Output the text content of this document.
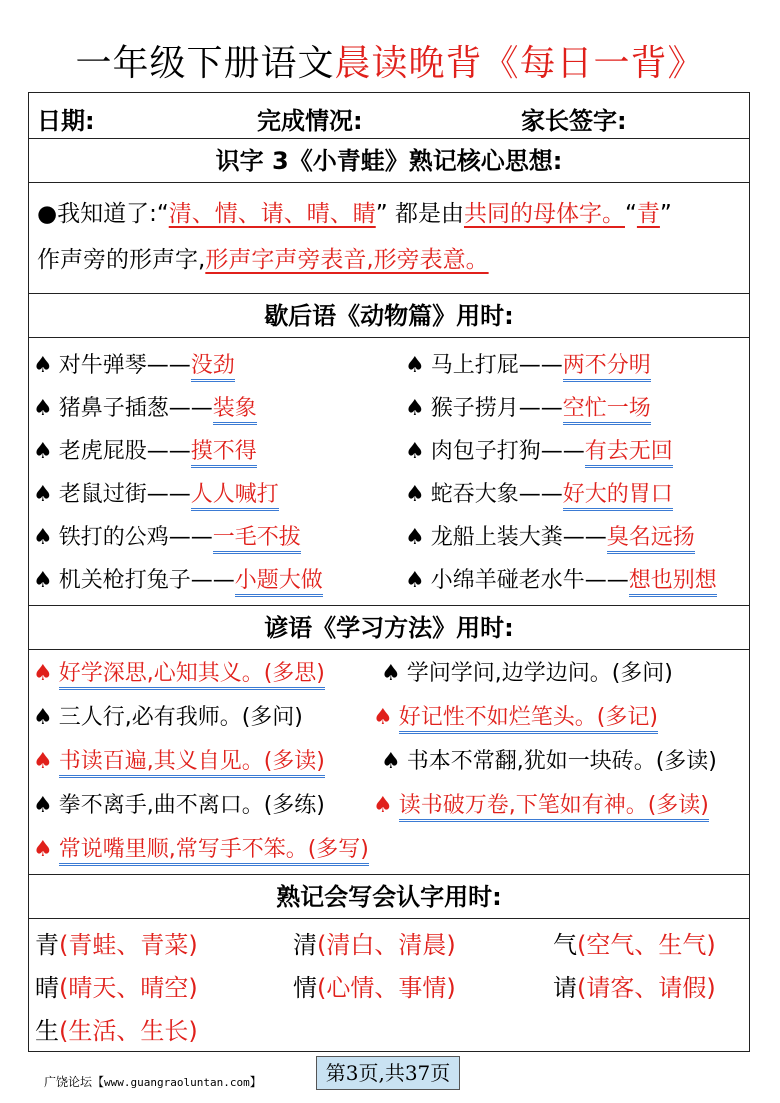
一年级下册语文晨读晚背《每日一背》
日期:	完成情况:	家长签字:
识字 3《小青蛙》熟记核心思想:
●我知道了:“清、情、请、晴、睛” 都是由共同的母体字。“青”
作声旁的形声字,形声字声旁表音,形旁表意。
歇后语《动物篇》用时:
♠ 对牛弹琴——没劲	♠ 马上打屁——两不分明
♠ 猪鼻子插葱——装象	♠ 猴子捞月——空忙一场
♠ 老虎屁股——摸不得	♠ 肉包子打狗——有去无回
♠ 老鼠过街——人人喊打	♠ 蛇吞大象——好大的胃口
♠ 铁打的公鸡——一毛不拔	♠ 龙船上装大粪——臭名远扬
♠ 机关枪打兔子——小题大做	♠ 小绵羊碰老水牛——想也别想
谚语《学习方法》用时:
♠ 好学深思,心知其义。(多思)	♠ 学问学问,边学边问。(多问)
♠ 三人行,必有我师。(多问)	♠ 好记性不如烂笔头。(多记)
♠ 书读百遍,其义自见。(多读)	♠ 书本不常翻,犹如一块砖。(多读)
♠ 拳不离手,曲不离口。(多练) ♠ 读书破万卷,下笔如有神。(多读)
♠ 常说嘴里顺,常写手不笨。(多写)
熟记会写会认字用时:
青(青蛙、青菜)	清(清白、清晨)	气(空气、生气)
晴(晴天、晴空)	情(心情、事情)	请(请客、请假)
生(生活、生长)
广饶论坛【www.guangraoluntan.com】	第3页,共37页
